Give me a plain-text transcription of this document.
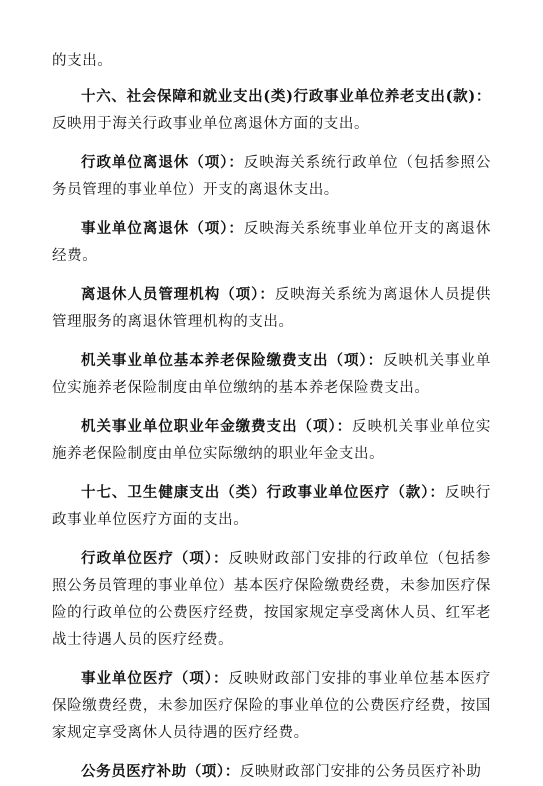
的支出。

十六、社会保障和就业支出(类)行政事业单位养老支出(款)：反映用于海关行政事业单位离退休方面的支出。

行政单位离退休（项）：反映海关系统行政单位（包括参照公务员管理的事业单位）开支的离退休支出。

事业单位离退休（项）：反映海关系统事业单位开支的离退休经费。

离退休人员管理机构（项）：反映海关系统为离退休人员提供管理服务的离退休管理机构的支出。

机关事业单位基本养老保险缴费支出（项）：反映机关事业单位实施养老保险制度由单位缴纳的基本养老保险费支出。

机关事业单位职业年金缴费支出（项）：反映机关事业单位实施养老保险制度由单位实际缴纳的职业年金支出。

十七、卫生健康支出（类）行政事业单位医疗（款）：反映行政事业单位医疗方面的支出。

行政单位医疗（项）：反映财政部门安排的行政单位（包括参照公务员管理的事业单位）基本医疗保险缴费经费，未参加医疗保险的行政单位的公费医疗经费，按国家规定享受离休人员、红军老战士待遇人员的医疗经费。

事业单位医疗（项）：反映财政部门安排的事业单位基本医疗保险缴费经费，未参加医疗保险的事业单位的公费医疗经费，按国家规定享受离休人员待遇的医疗经费。

公务员医疗补助（项）：反映财政部门安排的公务员医疗补助
